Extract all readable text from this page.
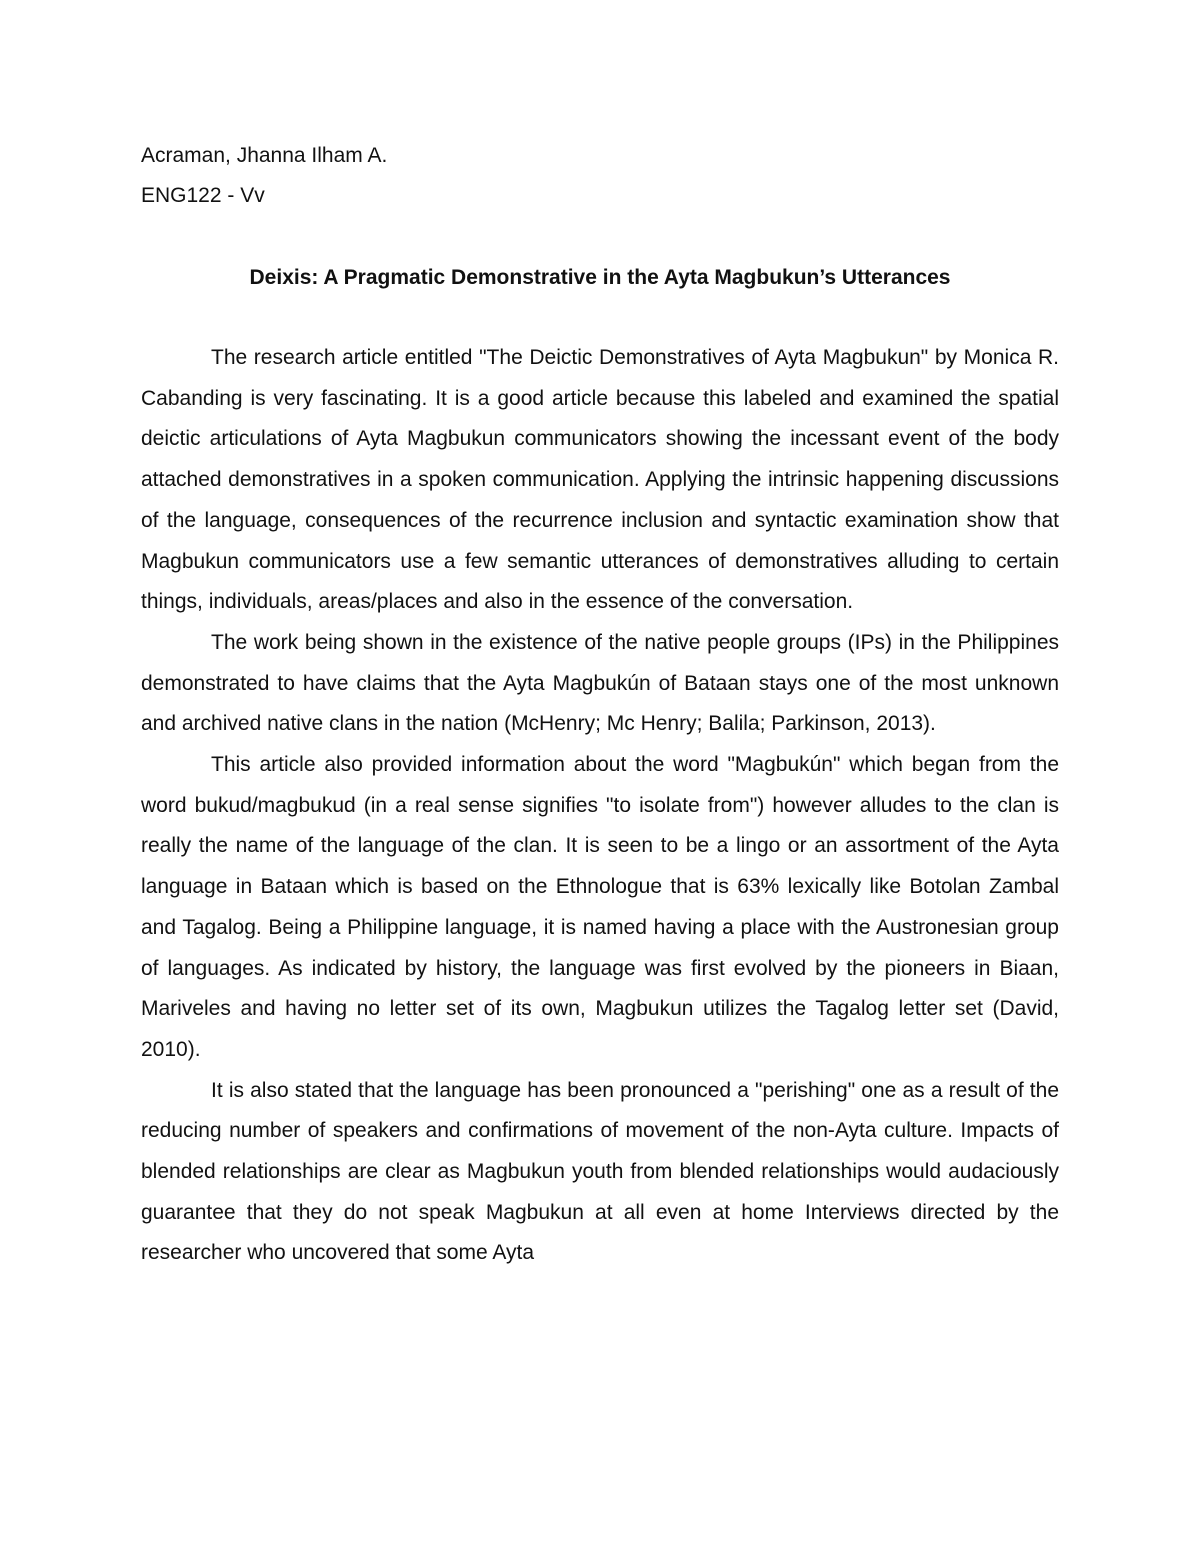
Acraman, Jhanna Ilham A.
ENG122 - Vv
Deixis: A Pragmatic Demonstrative in the Ayta Magbukun’s Utterances

The research article entitled "The Deictic Demonstratives of Ayta Magbukun" by Monica R. Cabanding is very fascinating. It is a good article because this labeled and examined the spatial deictic articulations of Ayta Magbukun communicators showing the incessant event of the body attached demonstratives in a spoken communication. Applying the intrinsic happening discussions of the language, consequences of the recurrence inclusion and syntactic examination show that Magbukun communicators use a few semantic utterances of demonstratives alluding to certain things, individuals, areas/places and also in the essence of the conversation.

The work being shown in the existence of the native people groups (IPs) in the Philippines demonstrated to have claims that the Ayta Magbukún of Bataan stays one of the most unknown and archived native clans in the nation (McHenry; Mc Henry; Balila; Parkinson, 2013).

This article also provided information about the word "Magbukún" which began from the word bukud/magbukud (in a real sense signifies "to isolate from") however alludes to the clan is really the name of the language of the clan. It is seen to be a lingo or an assortment of the Ayta language in Bataan which is based on the Ethnologue that is 63% lexically like Botolan Zambal and Tagalog. Being a Philippine language, it is named having a place with the Austronesian group of languages. As indicated by history, the language was first evolved by the pioneers in Biaan, Mariveles and having no letter set of its own, Magbukun utilizes the Tagalog letter set (David, 2010).

It is also stated that the language has been pronounced a "perishing" one as a result of the reducing number of speakers and confirmations of movement of the non-Ayta culture. Impacts of blended relationships are clear as Magbukun youth from blended relationships would audaciously guarantee that they do not speak Magbukun at all even at home Interviews directed by the researcher who uncovered that some Ayta
